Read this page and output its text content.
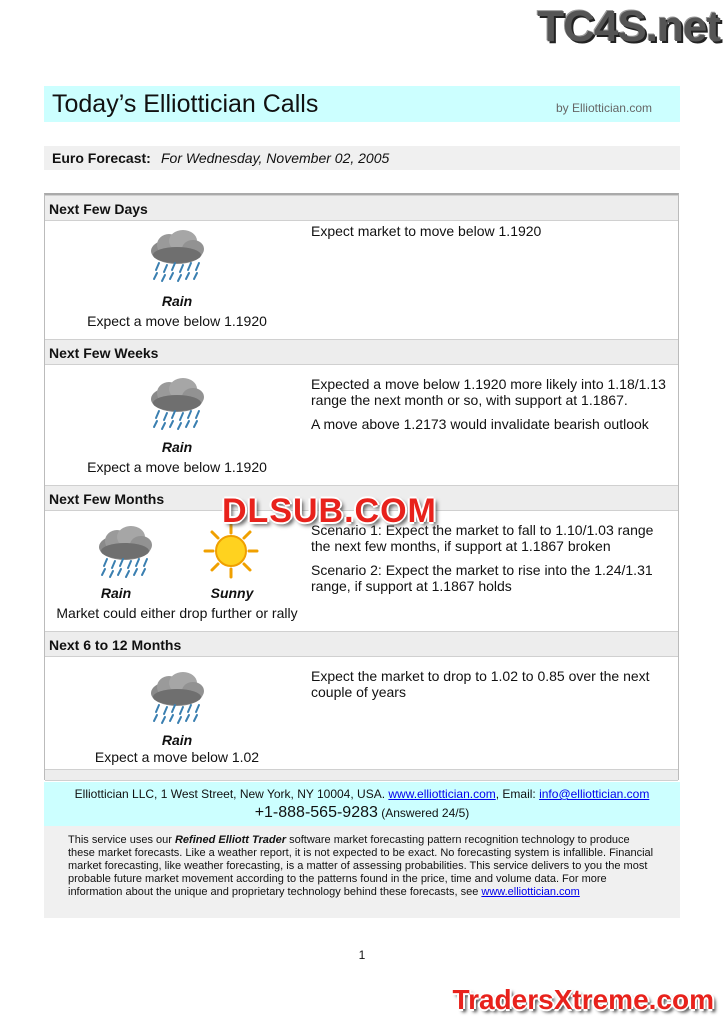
TC4S.net
Today’s Elliottician Calls	by Elliottician.com
Euro Forecast: For Wednesday, November 02, 2005
Next Few Days
Rain
Expect a move below 1.1920
Expect market to move below 1.1920
Next Few Weeks
Rain
Expect a move below 1.1920
Expected a move below 1.1920 more likely into 1.18/1.13 range the next month or so, with support at 1.1867.
A move above 1.2173 would invalidate bearish outlook
Next Few Months
Rain	Sunny
Market could either drop further or rally
Scenario 1: Expect the market to fall to 1.10/1.03 range the next few months, if support at 1.1867 broken
Scenario 2: Expect the market to rise into the 1.24/1.31 range, if support at 1.1867 holds
Next 6 to 12 Months
Rain
Expect a move below 1.02
Expect the market to drop to 1.02 to 0.85 over the next couple of years
Elliottician LLC, 1 West Street, New York, NY 10004, USA. www.elliottician.com, Email: info@elliottician.com
+1-888-565-9283 (Answered 24/5)

This service uses our Refined Elliott Trader software market forecasting pattern recognition technology to produce these market forecasts. Like a weather report, it is not expected to be exact. No forecasting system is infallible. Financial market forecasting, like weather forecasting, is a matter of assessing probabilities. This service delivers to you the most probable future market movement according to the patterns found in the price, time and volume data. For more information about the unique and proprietary technology behind these forecasts, see www.elliottician.com

1
DLSUB.COM
TradersXtreme.com
